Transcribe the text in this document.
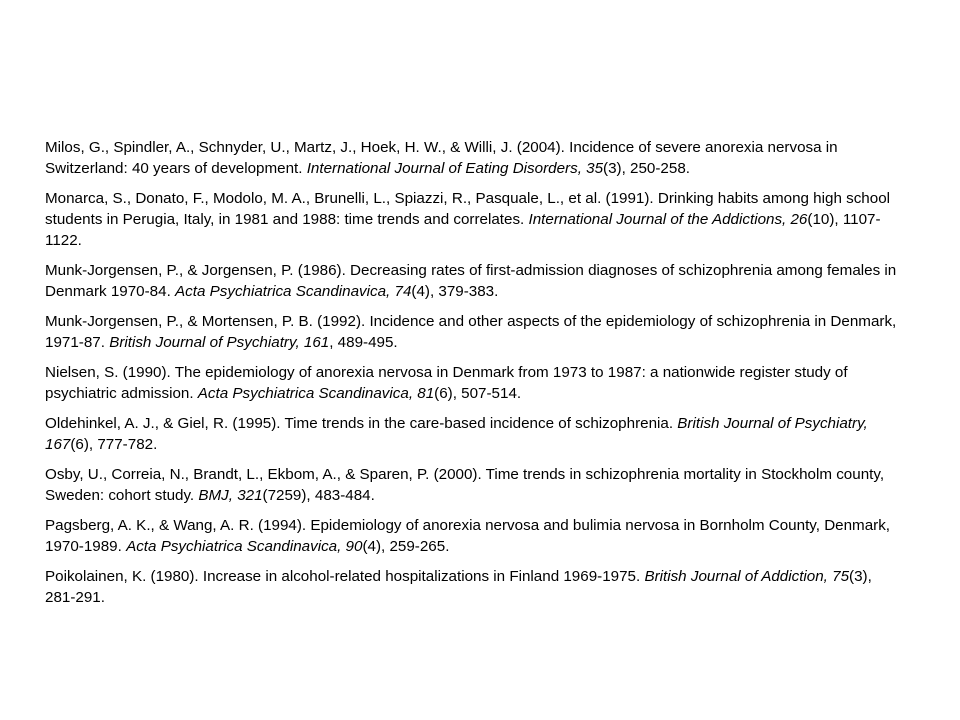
Milos, G., Spindler, A., Schnyder, U., Martz, J., Hoek, H. W., & Willi, J. (2004). Incidence of severe anorexia nervosa in Switzerland: 40 years of development. International Journal of Eating Disorders, 35(3), 250-258.

Monarca, S., Donato, F., Modolo, M. A., Brunelli, L., Spiazzi, R., Pasquale, L., et al. (1991). Drinking habits among high school students in Perugia, Italy, in 1981 and 1988: time trends and correlates. International Journal of the Addictions, 26(10), 1107-1122.

Munk-Jorgensen, P., & Jorgensen, P. (1986). Decreasing rates of first-admission diagnoses of schizophrenia among females in Denmark 1970-84. Acta Psychiatrica Scandinavica, 74(4), 379-383.

Munk-Jorgensen, P., & Mortensen, P. B. (1992). Incidence and other aspects of the epidemiology of schizophrenia in Denmark, 1971-87. British Journal of Psychiatry, 161, 489-495.

Nielsen, S. (1990). The epidemiology of anorexia nervosa in Denmark from 1973 to 1987: a nationwide register study of psychiatric admission. Acta Psychiatrica Scandinavica, 81(6), 507-514.

Oldehinkel, A. J., & Giel, R. (1995). Time trends in the care-based incidence of schizophrenia. British Journal of Psychiatry, 167(6), 777-782.

Osby, U., Correia, N., Brandt, L., Ekbom, A., & Sparen, P. (2000). Time trends in schizophrenia mortality in Stockholm county, Sweden: cohort study. BMJ, 321(7259), 483-484.

Pagsberg, A. K., & Wang, A. R. (1994). Epidemiology of anorexia nervosa and bulimia nervosa in Bornholm County, Denmark, 1970-1989. Acta Psychiatrica Scandinavica, 90(4), 259-265.

Poikolainen, K. (1980). Increase in alcohol-related hospitalizations in Finland 1969-1975. British Journal of Addiction, 75(3), 281-291.
